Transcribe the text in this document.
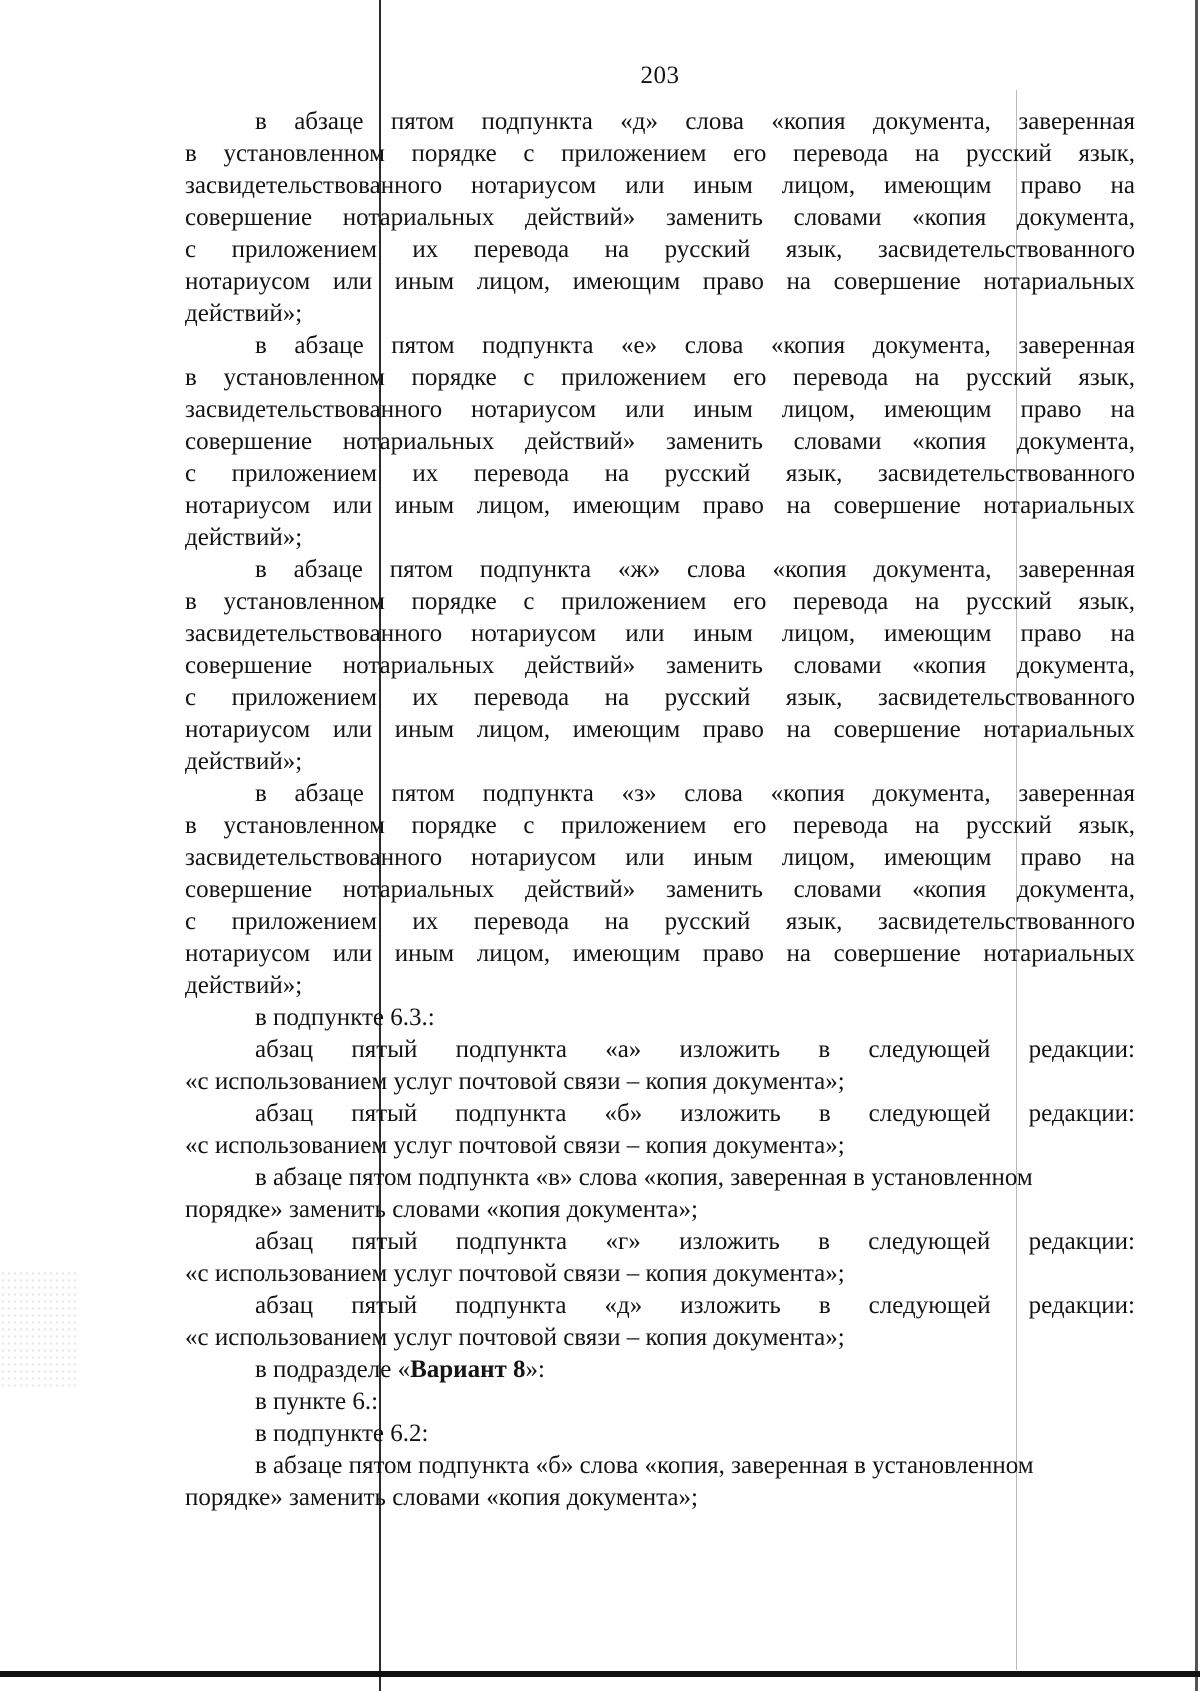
203
в абзаце пятом подпункта «д» слова «копия документа, заверенная
в установленном порядке с приложением его перевода на русский язык,
засвидетельствованного нотариусом или иным лицом, имеющим право на
совершение нотариальных действий» заменить словами «копия документа,
с приложением их перевода на русский язык, засвидетельствованного
нотариусом или иным лицом, имеющим право на совершение нотариальных
действий»;
в абзаце пятом подпункта «е» слова «копия документа, заверенная
в установленном порядке с приложением его перевода на русский язык,
засвидетельствованного нотариусом или иным лицом, имеющим право на
совершение нотариальных действий» заменить словами «копия документа,
с приложением их перевода на русский язык, засвидетельствованного
нотариусом или иным лицом, имеющим право на совершение нотариальных
действий»;
в абзаце пятом подпункта «ж» слова «копия документа, заверенная
в установленном порядке с приложением его перевода на русский язык,
засвидетельствованного нотариусом или иным лицом, имеющим право на
совершение нотариальных действий» заменить словами «копия документа,
с приложением их перевода на русский язык, засвидетельствованного
нотариусом или иным лицом, имеющим право на совершение нотариальных
действий»;
в абзаце пятом подпункта «з» слова «копия документа, заверенная
в установленном порядке с приложением его перевода на русский язык,
засвидетельствованного нотариусом или иным лицом, имеющим право на
совершение нотариальных действий» заменить словами «копия документа,
с приложением их перевода на русский язык, засвидетельствованного
нотариусом или иным лицом, имеющим право на совершение нотариальных
действий»;

в подпункте 6.3.:

абзац пятый подпункта «а» изложить в следующей редакции:

«с использованием услуг почтовой связи – копия документа»;

абзац пятый подпункта «б» изложить в следующей редакции:

«с использованием услуг почтовой связи – копия документа»;

в абзаце пятом подпункта «в» слова «копия, заверенная в установленном

порядке» заменить словами «копия документа»;

абзац пятый подпункта «г» изложить в следующей редакции:

«с использованием услуг почтовой связи – копия документа»;

абзац пятый подпункта «д» изложить в следующей редакции:

«с использованием услуг почтовой связи – копия документа»;

в подразделе «Вариант 8»:

в пункте 6.:

в подпункте 6.2:

в абзаце пятом подпункта «б» слова «копия, заверенная в установленном

порядке» заменить словами «копия документа»;
